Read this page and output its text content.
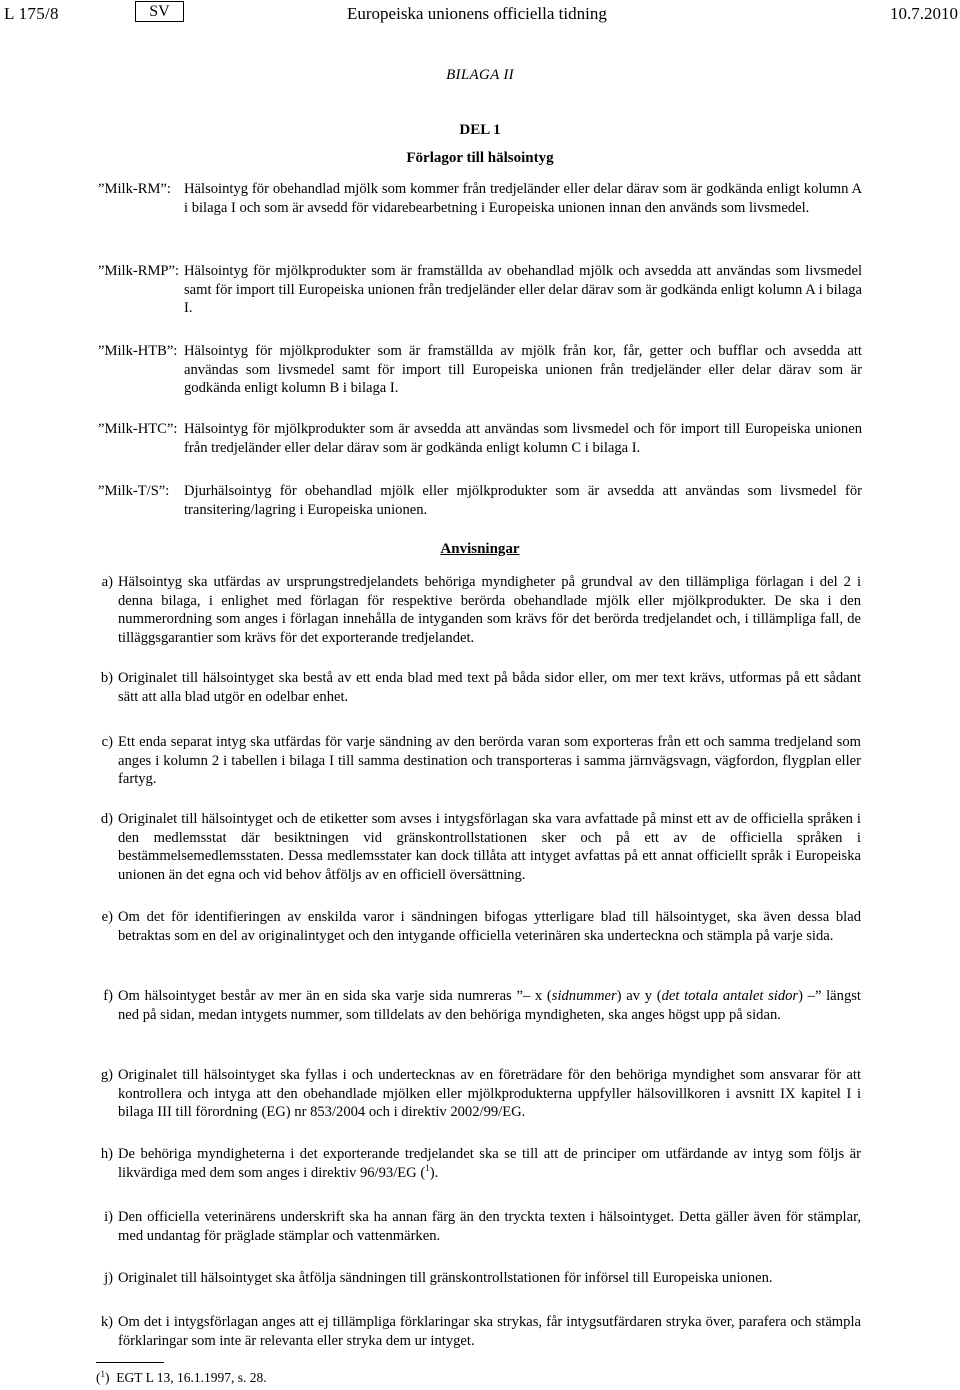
L 175/8	SV	Europeiska unionens officiella tidning	10.7.2010
BILAGA II
DEL 1
Förlagor till hälsointyg
”Milk-RM”: Hälsointyg för obehandlad mjölk som kommer från tredjeländer eller delar därav som är godkända enligt kolumn A i bilaga I och som är avsedd för vidarebearbetning i Europeiska unionen innan den används som livsmedel.
”Milk-RMP”: Hälsointyg för mjölkprodukter som är framställda av obehandlad mjölk och avsedda att användas som livsmedel samt för import till Europeiska unionen från tredjeländer eller delar därav som är godkända enligt kolumn A i bilaga I.
”Milk-HTB”: Hälsointyg för mjölkprodukter som är framställda av mjölk från kor, får, getter och bufflar och avsedda att användas som livsmedel samt för import till Europeiska unionen från tredjeländer eller delar därav som är godkända enligt kolumn B i bilaga I.
”Milk-HTC”: Hälsointyg för mjölkprodukter som är avsedda att användas som livsmedel och för import till Europeiska unionen från tredjeländer eller delar därav som är godkända enligt kolumn C i bilaga I.
”Milk-T/S”: Djurhälsointyg för obehandlad mjölk eller mjölkprodukter som är avsedda att användas som livsmedel för transitering/lagring i Europeiska unionen.
Anvisningar
a) Hälsointyg ska utfärdas av ursprungstredjelandets behöriga myndigheter på grundval av den tillämpliga förlagan i del 2 i denna bilaga, i enlighet med förlagan för respektive berörda obehandlade mjölk eller mjölkprodukter. De ska i den nummerordning som anges i förlagan innehålla de intyganden som krävs för det berörda tredjelandet och, i tillämpliga fall, de tilläggsgarantier som krävs för det exporterande tredjelandet.
b) Originalet till hälsointyget ska bestå av ett enda blad med text på båda sidor eller, om mer text krävs, utformas på ett sådant sätt att alla blad utgör en odelbar enhet.
c) Ett enda separat intyg ska utfärdas för varje sändning av den berörda varan som exporteras från ett och samma tredjeland som anges i kolumn 2 i tabellen i bilaga I till samma destination och transporteras i samma järnvägsvagn, vägfordon, flygplan eller fartyg.
d) Originalet till hälsointyget och de etiketter som avses i intygsförlagan ska vara avfattade på minst ett av de officiella språken i den medlemsstat där besiktningen vid gränskontrollstationen sker och på ett av de officiella språken i bestämmelsemedlemsstaten. Dessa medlemsstater kan dock tillåta att intyget avfattas på ett annat officiellt språk i Europeiska unionen än det egna och vid behov åtföljs av en officiell översättning.
e) Om det för identifieringen av enskilda varor i sändningen bifogas ytterligare blad till hälsointyget, ska även dessa blad betraktas som en del av originalintyget och den intygande officiella veterinären ska underteckna och stämpla på varje sida.
f) Om hälsointyget består av mer än en sida ska varje sida numreras ”– x (sidnummer) av y (det totala antalet sidor) –” längst ned på sidan, medan intygets nummer, som tilldelats av den behöriga myndigheten, ska anges högst upp på sidan.
g) Originalet till hälsointyget ska fyllas i och undertecknas av en företrädare för den behöriga myndighet som ansvarar för att kontrollera och intyga att den obehandlade mjölken eller mjölkprodukterna uppfyller hälsovillkoren i avsnitt IX kapitel I i bilaga III till förordning (EG) nr 853/2004 och i direktiv 2002/99/EG.
h) De behöriga myndigheterna i det exporterande tredjelandet ska se till att de principer om utfärdande av intyg som följs är likvärdiga med dem som anges i direktiv 96/93/EG ($^1$).
i) Den officiella veterinärens underskrift ska ha annan färg än den tryckta texten i hälsointyget. Detta gäller även för stämplar, med undantag för präglade stämplar och vattenmärken.
j) Originalet till hälsointyget ska åtfölja sändningen till gränskontrollstationen för införsel till Europeiska unionen.
k) Om det i intygsförlagan anges att ej tillämpliga förklaringar ska strykas, får intygsutfärdaren stryka över, parafera och stämpla förklaringar som inte är relevanta eller stryka dem ur intyget.
($^1$)  EGT L 13, 16.1.1997, s. 28.
